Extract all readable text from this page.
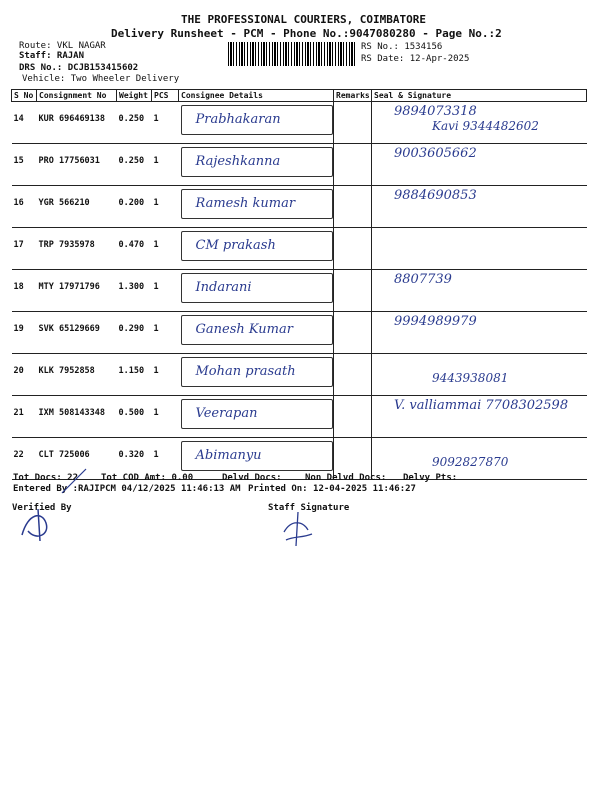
THE PROFESSIONAL COURIERS, COIMBATORE
Delivery Runsheet - PCM - Phone No.:9047080280 - Page No.:2
Route: VKL NAGAR
Staff: RAJAN
DRS No.: DCJB153415602
Vehicle: Two Wheeler Delivery
RS No.: 1534156
RS Date: 12-Apr-2025
S No	Consignment No	Weight	PCS	Consignee Details	Remarks	Seal & Signature
14	KUR 696469138	0.250	1	Prabhakaran		9894073318
Kavi 9344482602

15	PRO 17756031	0.250	1	Rajeshkanna		9003605662

16	YGR 566210	0.200	1	Ramesh kumar		9884690853

17	TRP 7935978	0.470	1	CM prakash		

18	MTY 17971796	1.300	1	Indarani		8807739

19	SVK 65129669	0.290	1	Ganesh Kumar		9994989979

20	KLK 7952858	1.150	1	Mohan prasath		9443938081

21	IXM 508143348	0.500	1	Veerapan		V. valliammai 7708302598

22	CLT 725006	0.320	1	Abimanyu		9092827870
Tot Docs: 22	Tot COD Amt: 0.00	Delvd Docs:	Non Delvd Docs: Delvy Pts:
Entered By :RAJIPCM 04/12/2025 11:46:13 AM Printed On: 12-04-2025 11:46:27
Verified By	Staff Signature
